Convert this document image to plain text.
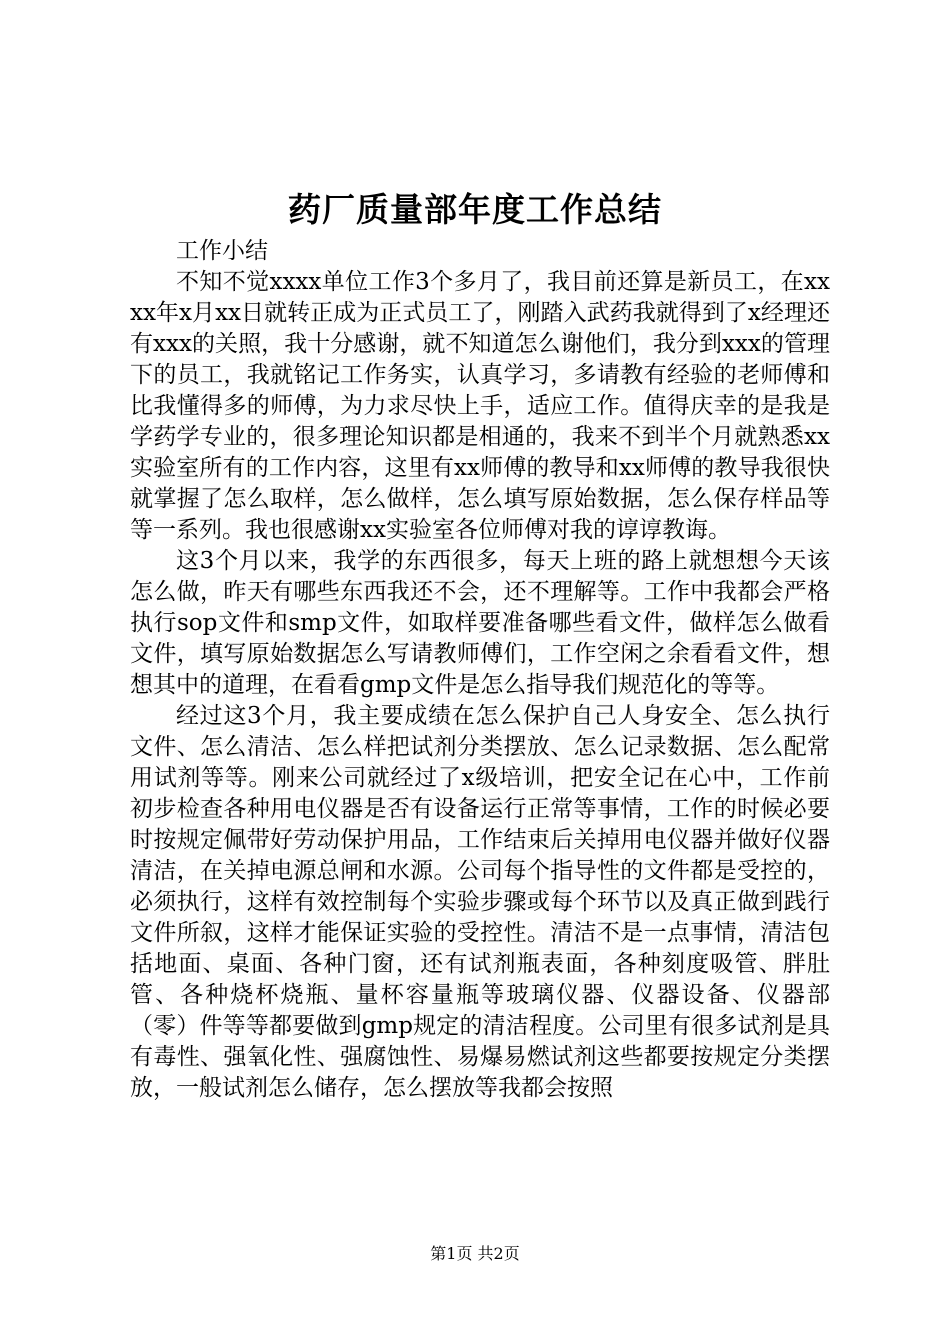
药厂质量部年度工作总结

工作小结

不知不觉xxxx单位工作3个多月了，我目前还算是新员工，在xxxx年x月xx日就转正成为正式员工了，刚踏入武药我就得到了x经理还有xxx的关照，我十分感谢，就不知道怎么谢他们，我分到xxx的管理下的员工，我就铭记工作务实，认真学习，多请教有经验的老师傅和比我懂得多的师傅，为力求尽快上手，适应工作。值得庆幸的是我是学药学专业的，很多理论知识都是相通的，我来不到半个月就熟悉xx实验室所有的工作内容，这里有xx师傅的教导和xx师傅的教导我很快就掌握了怎么取样，怎么做样，怎么填写原始数据，怎么保存样品等等一系列。我也很感谢xx实验室各位师傅对我的谆谆教诲。

这3个月以来，我学的东西很多，每天上班的路上就想想今天该怎么做，昨天有哪些东西我还不会，还不理解等。工作中我都会严格执行sop文件和smp文件，如取样要准备哪些看文件，做样怎么做看文件，填写原始数据怎么写请教师傅们，工作空闲之余看看文件，想想其中的道理，在看看gmp文件是怎么指导我们规范化的等等。

经过这3个月，我主要成绩在怎么保护自己人身安全、怎么执行文件、怎么清洁、怎么样把试剂分类摆放、怎么记录数据、怎么配常用试剂等等。刚来公司就经过了x级培训，把安全记在心中，工作前初步检查各种用电仪器是否有设备运行正常等事情，工作的时候必要时按规定佩带好劳动保护用品，工作结束后关掉用电仪器并做好仪器清洁，在关掉电源总闸和水源。公司每个指导性的文件都是受控的，必须执行，这样有效控制每个实验步骤或每个环节以及真正做到践行文件所叙，这样才能保证实验的受控性。清洁不是一点事情，清洁包括地面、桌面、各种门窗，还有试剂瓶表面，各种刻度吸管、胖肚管、各种烧杯烧瓶、量杯容量瓶等玻璃仪器、仪器设备、仪器部（零）件等等都要做到gmp规定的清洁程度。公司里有很多试剂是具有毒性、强氧化性、强腐蚀性、易爆易燃试剂这些都要按规定分类摆放，一般试剂怎么储存，怎么摆放等我都会按照

第1页 共2页
